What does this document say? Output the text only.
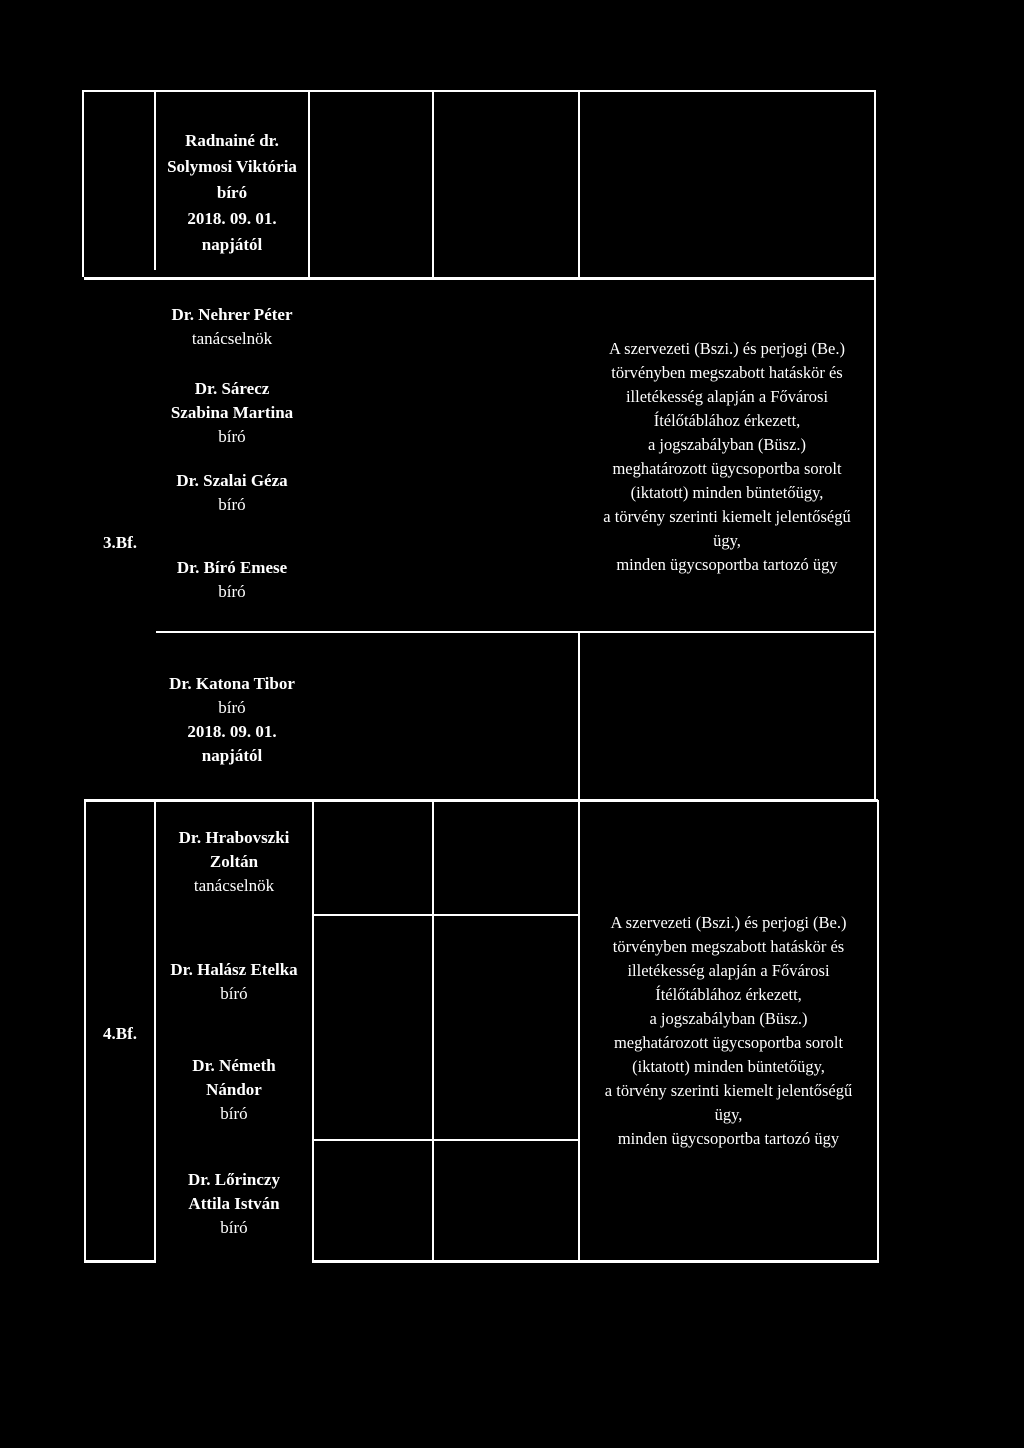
3.Bf.
Radnainé dr.
Solymosi Viktória
bíró
2018. 09. 01.
napjától
Dr. Nehrer Péter
tanácselnök
Dr. Sárecz
Szabina Martina
bíró
Dr. Szalai Géza
bíró
Dr. Bíró Emese
bíró
A szervezeti (Bszi.) és perjogi (Be.)
törvényben megszabott hatáskör és
illetékesség alapján a Fővárosi
Ítélőtáblához érkezett,
a jogszabályban (Büsz.)
meghatározott ügycsoportba sorolt
(iktatott) minden büntetőügy,
a törvény szerinti kiemelt jelentőségű
ügy,
minden ügycsoportba tartozó ügy
Dr. Katona Tibor
bíró
2018. 09. 01.
napjától
4.Bf.
Dr. Hrabovszki
Zoltán
tanácselnök
Dr. Halász Etelka
bíró
Dr. Németh
Nándor
bíró
Dr. Lőrinczy
Attila István
bíró
A szervezeti (Bszi.) és perjogi (Be.)
törvényben megszabott hatáskör és
illetékesség alapján a Fővárosi
Ítélőtáblához érkezett,
a jogszabályban (Büsz.)
meghatározott ügycsoportba sorolt
(iktatott) minden büntetőügy,
a törvény szerinti kiemelt jelentőségű
ügy,
minden ügycsoportba tartozó ügy
